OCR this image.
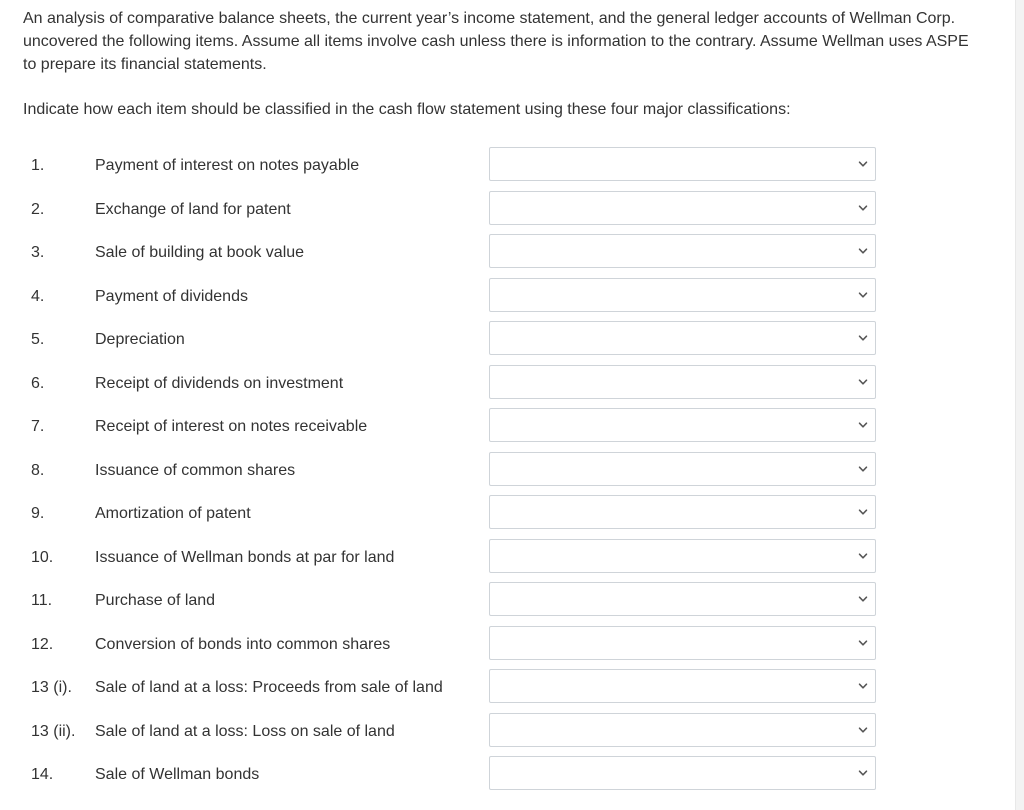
An analysis of comparative balance sheets, the current year’s income statement, and the general ledger accounts of Wellman Corp. uncovered the following items. Assume all items involve cash unless there is information to the contrary. Assume Wellman uses ASPE to prepare its financial statements.

Indicate how each item should be classified in the cash flow statement using these four major classifications:

1.	Payment of interest on notes payable
2.	Exchange of land for patent
3.	Sale of building at book value
4.	Payment of dividends
5.	Depreciation
6.	Receipt of dividends on investment
7.	Receipt of interest on notes receivable
8.	Issuance of common shares
9.	Amortization of patent
10.	Issuance of Wellman bonds at par for land
11.	Purchase of land
12.	Conversion of bonds into common shares
13 (i). Sale of land at a loss: Proceeds from sale of land
13 (ii). Sale of land at a loss: Loss on sale of land
14.	Sale of Wellman bonds
